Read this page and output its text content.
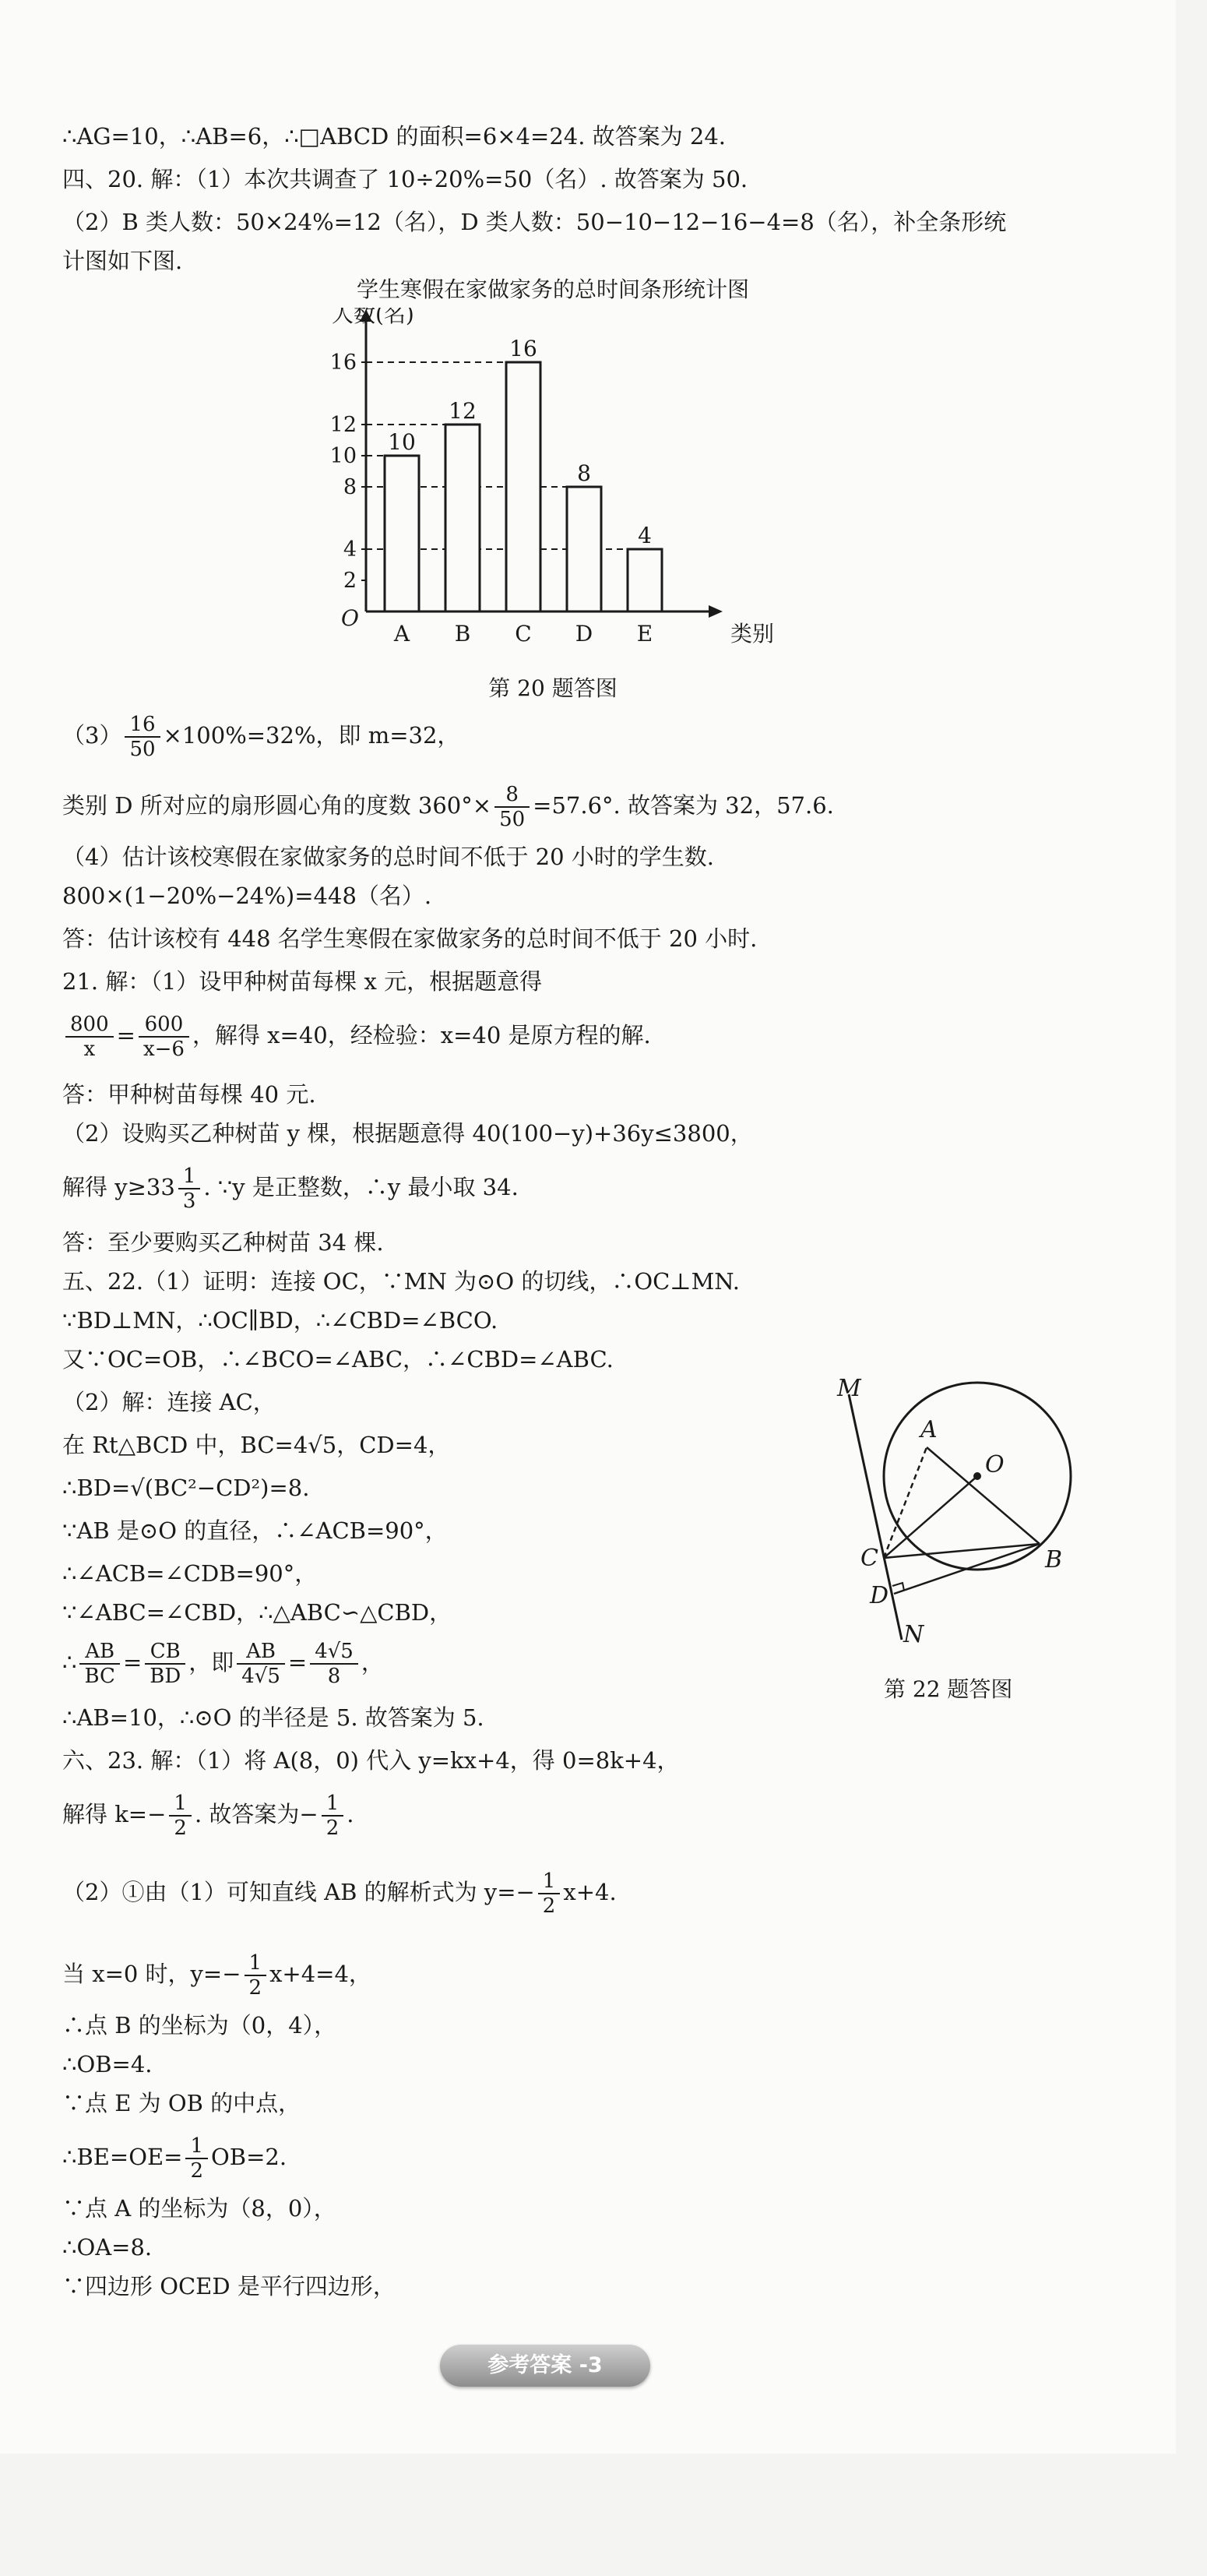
∴AG=10，∴AB=6，∴□ABCD 的面积=6×4=24. 故答案为 24.
四、20. 解：（1）本次共调查了 10÷20%=50（名）. 故答案为 50.
（2）B 类人数：50×24%=12（名），D 类人数：50−10−12−16−4=8（名），补全条形统
计图如下图.
学生寒假在家做家务的总时间条形统计图
人数(名)
类别
O
2
4
8
10
12
16
10
A
12
B
16
C
8
D
4
E
第 20 题答图
$(3) \frac{16}{50} \times 100\%=32\%$，即 m=32，
类别 D 所对应的扇形圆心角的度数 $360^\circ\times \frac{8}{50} =57.6^\circ$. 故答案为 32，57.6.
（4）估计该校寒假在家做家务的总时间不低于 20 小时的学生数.
800×(1−20%−24%)=448（名）.
答：估计该校有 448 名学生寒假在家做家务的总时间不低于 20 小时.
21. 解：（1）设甲种树苗每棵 x 元，根据题意得
$\frac{800}{x} = \frac{600}{x-6}$ ，解得 x=40，经检验：x=40 是原方程的解.
答：甲种树苗每棵 40 元.
（2）设购买乙种树苗 y 棵，根据题意得 40(100−y)+36y≤3800，
解得 $y\ge 33 \frac{1}{3}$ . ∵y 是正整数，∴y 最小取 34.
答：至少要购买乙种树苗 34 棵.
五、22.（1）证明：连接 OC，∵MN 为⊙O 的切线，∴OC⊥MN.
∵BD⊥MN，∴OC∥BD，∴∠CBD=∠BCO.
又∵OC=OB，∴∠BCO=∠ABC，∴∠CBD=∠ABC.
（2）解：连接 AC，
在 Rt△BCD 中，BC=4√5，CD=4，
∴BD=√(BC²−CD²)=8.
∵AB 是⊙O 的直径，∴∠ACB=90°，
∴∠ACB=∠CDB=90°，
∵∠ABC=∠CBD，∴△ABC∽△CBD，
∴ $\frac{AB}{BC} = \frac{CB}{BD}$ ，即 $\frac{AB}{4√5} = \frac{4√5}{8}$ ，
∴AB=10，∴⊙O 的半径是 5. 故答案为 5.
六、23. 解：（1）将 A(8，0) 代入 y=kx+4，得 0=8k+4，
解得 $k=- \frac{1}{2}$ . 故答案为− $\frac{1}{2}$ .
（2）①由（1）可知直线 AB 的解析式为 $y=- \frac{1}{2} x+4$.
当 x=0 时，$y=- \frac{1}{2} x+4=4$，
∴点 B 的坐标为（0，4），
∴OB=4.
∵点 E 为 OB 的中点，
∴BE=OE= $\frac{1}{2} OB=2$.
∵点 A 的坐标为（8，0），
∴OA=8.
∵四边形 OCED 是平行四边形，
M
N
A
B
C
D
O
第 22 题答图
参考答案 -3
